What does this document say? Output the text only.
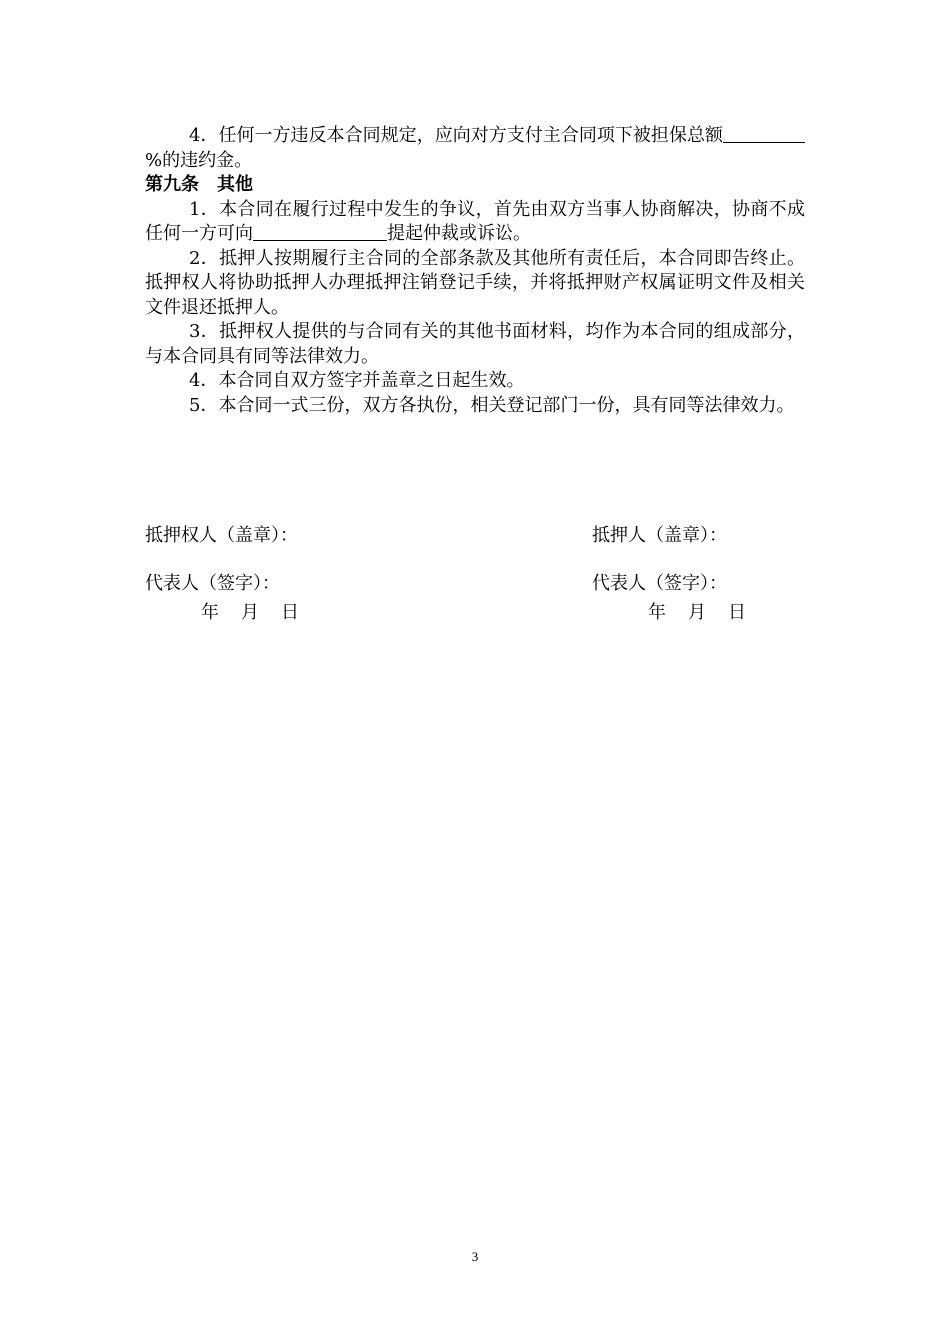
4．任何一方违反本合同规定，应向对方支付主合同项下被担保总额%的违约金。

第九条　其他

1．本合同在履行过程中发生的争议，首先由双方当事人协商解决，协商不成任何一方可向	提起仲裁或诉讼。

2．抵押人按期履行主合同的全部条款及其他所有责任后，本合同即告终止。抵押权人将协助抵押人办理抵押注销登记手续，并将抵押财产权属证明文件及相关文件退还抵押人。

3．抵押权人提供的与合同有关的其他书面材料，均作为本合同的组成部分，与本合同具有同等法律效力。

4．本合同自双方签字并盖章之日起生效。

5．本合同一式三份，双方各执份，相关登记部门一份，具有同等法律效力。

抵押权人（盖章）：
代表人（签字）：
年 月 日
抵押人（盖章）：
代表人（签字）：
年 月 日
3
